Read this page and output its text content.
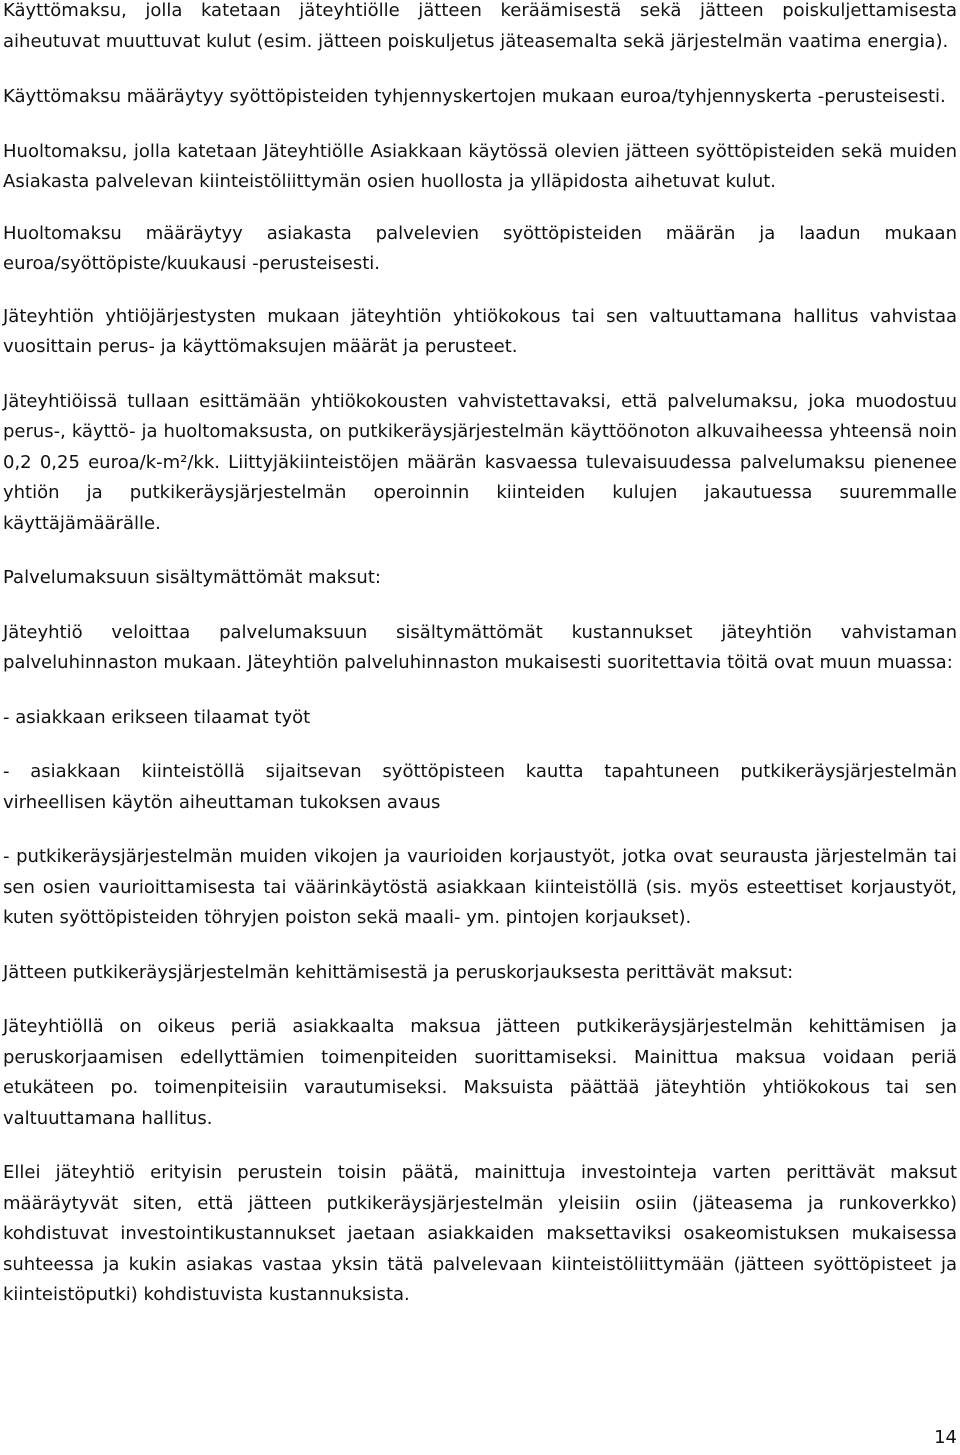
Käyttömaksu, jolla katetaan jäteyhtiölle jätteen keräämisestä sekä jätteen poiskuljettamisesta aiheutuvat muuttuvat kulut (esim. jätteen poiskuljetus jäteasemalta sekä järjestelmän vaatima energia).

Käyttömaksu määräytyy syöttöpisteiden tyhjennyskertojen mukaan euroa/tyhjennyskerta -perusteisesti.

Huoltomaksu, jolla katetaan Jäteyhtiölle Asiakkaan käytössä olevien jätteen syöttöpisteiden sekä muiden Asiakasta palvelevan kiinteistöliittymän osien huollosta ja ylläpidosta aihetuvat kulut.

Huoltomaksu määräytyy asiakasta palvelevien syöttöpisteiden määrän ja laadun mukaan euroa/syöttöpiste/kuukausi -perusteisesti.

Jäteyhtiön yhtiöjärjestysten mukaan jäteyhtiön yhtiökokous tai sen valtuuttamana hallitus vahvistaa vuosittain perus- ja käyttömaksujen määrät ja perusteet.

Jäteyhtiöissä tullaan esittämään yhtiökokousten vahvistettavaksi, että palvelumaksu, joka muodostuu perus-, käyttö- ja huoltomaksusta, on putkikeräysjärjestelmän käyttöönoton alkuvaiheessa yhteensä noin 0,2 0,25 euroa/k-m²/kk. Liittyjäkiinteistöjen määrän kasvaessa tulevaisuudessa palvelumaksu pienenee yhtiön ja putkikeräysjärjestelmän operoinnin kiinteiden kulujen jakautuessa suuremmalle käyttäjämäärälle.

Palvelumaksuun sisältymättömät maksut:

Jäteyhtiö veloittaa palvelumaksuun sisältymättömät kustannukset jäteyhtiön vahvistaman palveluhinnaston mukaan. Jäteyhtiön palveluhinnaston mukaisesti suoritettavia töitä ovat muun muassa:

- asiakkaan erikseen tilaamat työt

- asiakkaan kiinteistöllä sijaitsevan syöttöpisteen kautta tapahtuneen putkikeräysjärjestelmän virheellisen käytön aiheuttaman tukoksen avaus

- putkikeräysjärjestelmän muiden vikojen ja vaurioiden korjaustyöt, jotka ovat seurausta järjestelmän tai sen osien vaurioittamisesta tai väärinkäytöstä asiakkaan kiinteistöllä (sis. myös esteettiset korjaustyöt, kuten syöttöpisteiden töhryjen poiston sekä maali- ym. pintojen korjaukset).

Jätteen putkikeräysjärjestelmän kehittämisestä ja peruskorjauksesta perittävät maksut:

Jäteyhtiöllä on oikeus periä asiakkaalta maksua jätteen putkikeräysjärjestelmän kehittämisen ja peruskorjaamisen edellyttämien toimenpiteiden suorittamiseksi. Mainittua maksua voidaan periä etukäteen po. toimenpiteisiin varautumiseksi. Maksuista päättää jäteyhtiön yhtiökokous tai sen valtuuttamana hallitus.

Ellei jäteyhtiö erityisin perustein toisin päätä, mainittuja investointeja varten perittävät maksut määräytyvät siten, että jätteen putkikeräysjärjestelmän yleisiin osiin (jäteasema ja runkoverkko) kohdistuvat investointikustannukset jaetaan asiakkaiden maksettaviksi osakeomistuksen mukaisessa suhteessa ja kukin asiakas vastaa yksin tätä palvelevaan kiinteistöliittymään (jätteen syöttöpisteet ja kiinteistöputki) kohdistuvista kustannuksista.

14
